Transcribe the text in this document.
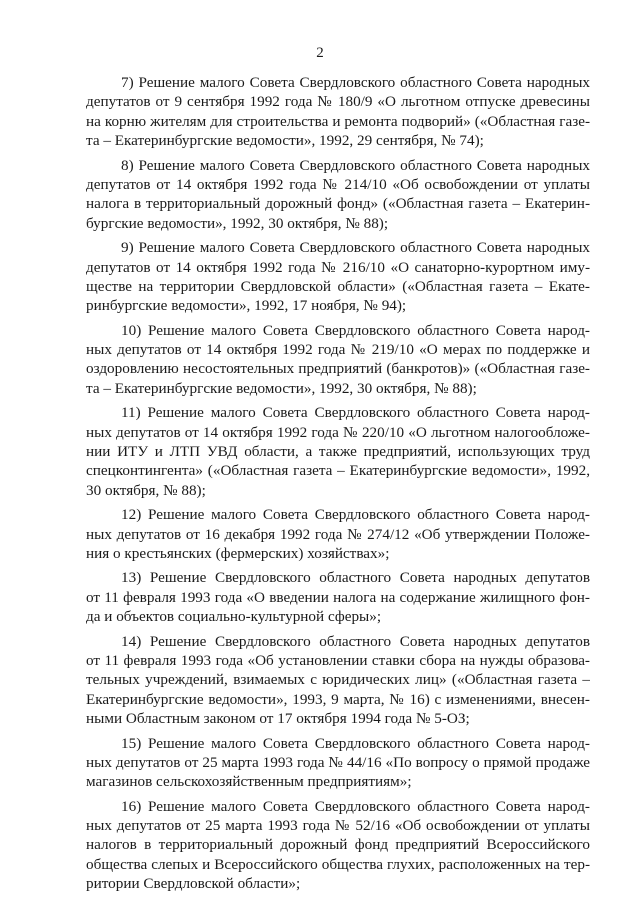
2
7) Решение малого Совета Свердловского областного Совета народных
депутатов от 9 сентября 1992 года № 180/9 «О льготном отпуске древесины
на корню жителям для строительства и ремонта подворий» («Областная газе-
та – Екатеринбургские ведомости», 1992, 29 сентября, № 74);
8) Решение малого Совета Свердловского областного Совета народных
депутатов от 14 октября 1992 года № 214/10 «Об освобождении от уплаты
налога в территориальный дорожный фонд» («Областная газета – Екатерин-
бургские ведомости», 1992, 30 октября, № 88);
9) Решение малого Совета Свердловского областного Совета народных
депутатов от 14 октября 1992 года № 216/10 «О санаторно-курортном иму-
ществе на территории Свердловской области» («Областная газета – Екате-
ринбургские ведомости», 1992, 17 ноября, № 94);
10) Решение малого Совета Свердловского областного Совета народ-
ных депутатов от 14 октября 1992 года № 219/10 «О мерах по поддержке и
оздоровлению несостоятельных предприятий (банкротов)» («Областная газе-
та – Екатеринбургские ведомости», 1992, 30 октября, № 88);
11) Решение малого Совета Свердловского областного Совета народ-
ных депутатов от 14 октября 1992 года № 220/10 «О льготном налогообложе-
нии ИТУ и ЛТП УВД области, а также предприятий, использующих труд
спецконтингента» («Областная газета – Екатеринбургские ведомости», 1992,
30 октября, № 88);
12) Решение малого Совета Свердловского областного Совета народ-
ных депутатов от 16 декабря 1992 года № 274/12 «Об утверждении Положе-
ния о крестьянских (фермерских) хозяйствах»;
13) Решение Свердловского областного Совета народных депутатов
от 11 февраля 1993 года «О введении налога на содержание жилищного фон-
да и объектов социально-культурной сферы»;
14) Решение Свердловского областного Совета народных депутатов
от 11 февраля 1993 года «Об установлении ставки сбора на нужды образова-
тельных учреждений, взимаемых с юридических лиц» («Областная газета –
Екатеринбургские ведомости», 1993, 9 марта, № 16) с изменениями, внесен-
ными Областным законом от 17 октября 1994 года № 5-ОЗ;
15) Решение малого Совета Свердловского областного Совета народ-
ных депутатов от 25 марта 1993 года № 44/16 «По вопросу о прямой продаже
магазинов сельскохозяйственным предприятиям»;
16) Решение малого Совета Свердловского областного Совета народ-
ных депутатов от 25 марта 1993 года № 52/16 «Об освобождении от уплаты
налогов в территориальный дорожный фонд предприятий Всероссийского
общества слепых и Всероссийского общества глухих, расположенных на тер-
ритории Свердловской области»;
